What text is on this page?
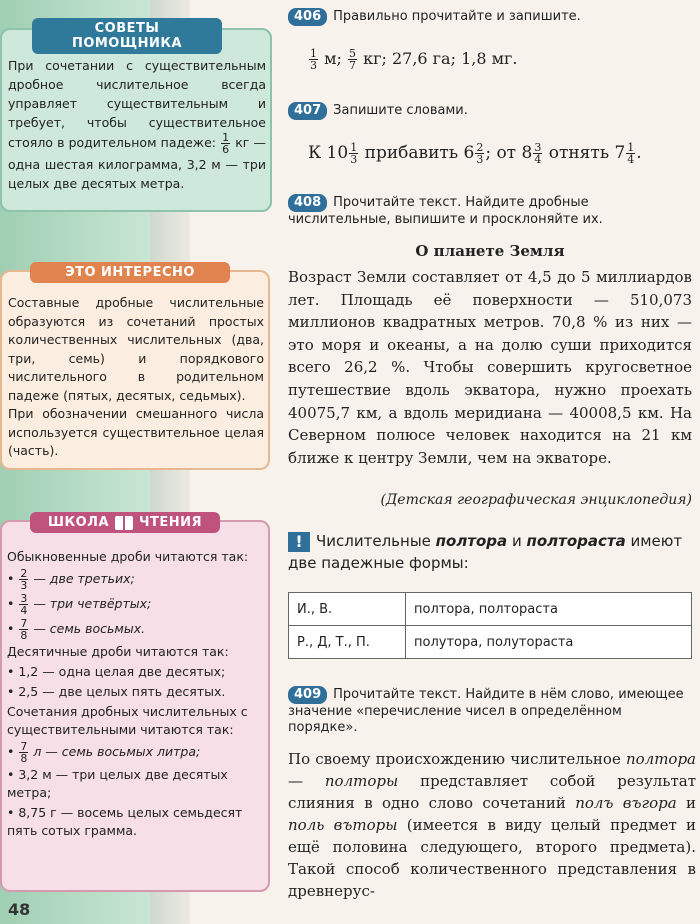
СОВЕТЫ ПОМОЩНИКА
При сочетании с существительным дробное числительное всегда управляет существительным и требует, чтобы существительное стояло в родительном падеже: $\frac{1}{6}$ кг — одна шестая килограмма, 3,2 м — три целых две десятых метра.
ЭТО ИНТЕРЕСНО

Составные дробные числительные образуются из сочетаний простых количественных числительных (два, три, семь) и порядкового числительного в родительном падеже (пятых, десятых, седьмых).

При обозначении смешанного числа используется существительное целая (часть).

ШКОЛА ЧТЕНИЯ
Обыкновенные дроби читаются так:
• $\frac{2}{3}$ — две третьих;
• $\frac{3}{4}$ — три четвёртых;
• $\frac{7}{8}$ — семь восьмых.
Десятичные дроби читаются так:
• 1,2 — одна целая две десятых;
• 2,5 — две целых пять десятых.
Сочетания дробных числительных с существительными читаются так:
• $\frac{7}{8}$ л — семь восьмых литра;
• 3,2 м — три целых две десятых метра;
• 8,75 г — восемь целых семьдесят пять сотых грамма.
48
406 Правильно прочитайте и запишите.
$\frac{1}{3} м$; $\frac{5}{7}$ кг; 27,6 га; 1,8 мг.
407 Запишите словами.
К $10 \frac{1}{3}$ прибавить $6 \frac{2}{3}$ ; от $8 \frac{3}{4}$ отнять $7 \frac{1}{4}$ .
408 Прочитайте текст. Найдите дробные числительные, выпишите и просклоняйте их.
О планете Земля
Возраст Земли составляет от 4,5 до 5 миллиардов лет. Площадь её поверхности — 510,073 миллионов квадратных метров. 70,8 % из них — это моря и океаны, а на долю суши приходится всего 26,2 %. Чтобы совершить кругосветное путешествие вдоль экватора, нужно проехать 40075,7 км, а вдоль меридиана — 40008,5 км. На Северном полюсе человек находится на 21 км ближе к центру Земли, чем на экваторе.
(Детская географическая энциклопедия)
! Числительные полтора и полтораста имеют две падежные формы:
И., В.	полтора, полтораста
Р., Д, Т., П.	полутора, полутораста
409 Прочитайте текст. Найдите в нём слово, имеющее значение «перечисление чисел в определённом порядке».
По своему происхождению числительное полтора — полторы представляет собой результат слияния в одно слово сочетаний полъ въгора и поль въторы (имеется в виду целый предмет и ещё половина следующего, второго предмета). Такой способ количественного представления в древнерус-
